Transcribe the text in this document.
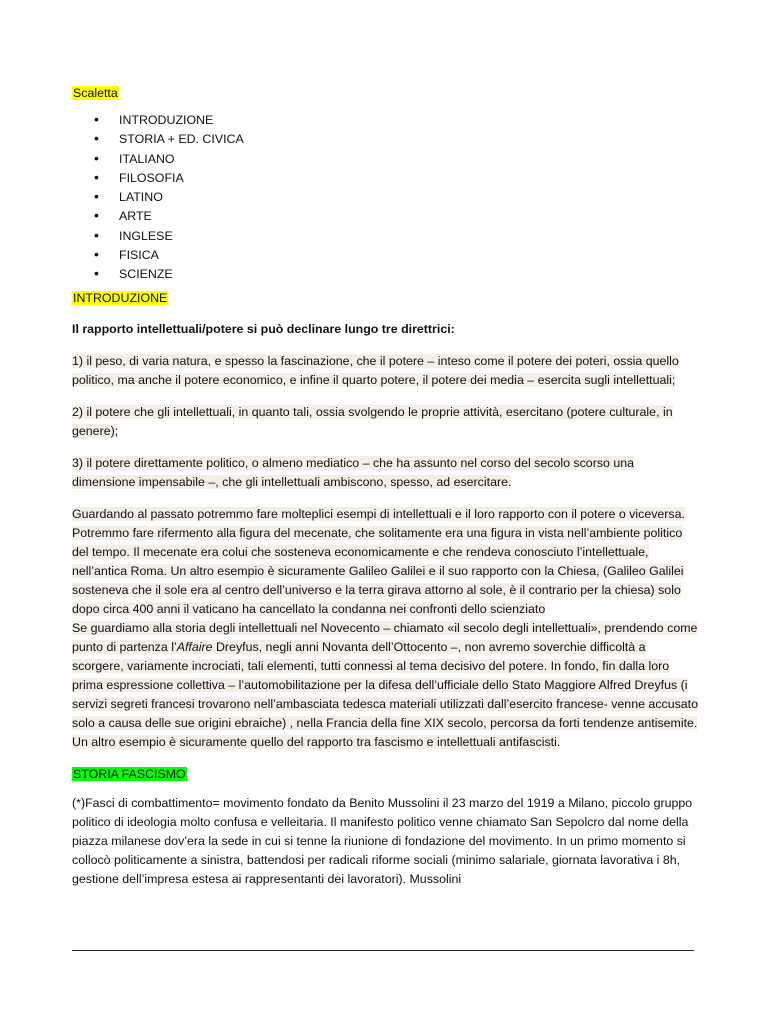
Scaletta
• INTRODUZIONE
• STORIA + ED. CIVICA
• ITALIANO
• FILOSOFIA
• LATINO
• ARTE
• INGLESE
• FISICA
• SCIENZE
INTRODUZIONE

Il rapporto intellettuali/potere si può declinare lungo tre direttrici:

1) il peso, di varia natura, e spesso la fascinazione, che il potere – inteso come il potere dei poteri, ossia quello politico, ma anche il potere economico, e infine il quarto potere, il potere dei media – esercita sugli intellettuali;

2) il potere che gli intellettuali, in quanto tali, ossia svolgendo le proprie attività, esercitano (potere culturale, in genere);

3) il potere direttamente politico, o almeno mediatico – che ha assunto nel corso del secolo scorso una dimensione impensabile –, che gli intellettuali ambiscono, spesso, ad esercitare.

Guardando al passato potremmo fare molteplici esempi di intellettuali e il loro rapporto con il potere o viceversa. Potremmo fare rifermento alla figura del mecenate, che solitamente era una figura in vista nell’ambiente politico del tempo. Il mecenate era colui che sosteneva economicamente e che rendeva conosciuto l’intellettuale, nell’antica Roma. Un altro esempio è sicuramente Galileo Galilei e il suo rapporto con la Chiesa, (Galileo Galilei sosteneva che il sole era al centro dell’universo e la terra girava attorno al sole, è il contrario per la chiesa) solo dopo circa 400 anni il vaticano ha cancellato la condanna nei confronti dello scienziato

Se guardiamo alla storia degli intellettuali nel Novecento – chiamato «il secolo degli intellettuali», prendendo come punto di partenza l’Affaire Dreyfus, negli anni Novanta dell’Ottocento –, non avremo soverchie difficoltà a scorgere, variamente incrociati, tali elementi, tutti connessi al tema decisivo del potere. In fondo, fin dalla loro prima espressione collettiva – l’automobilitazione per la difesa dell’ufficiale dello Stato Maggiore Alfred Dreyfus (i servizi segreti francesi trovarono nell’ambasciata tedesca materiali utilizzati dall’esercito francese- venne accusato solo a causa delle sue origini ebraiche) , nella Francia della fine XIX secolo, percorsa da forti tendenze antisemite. Un altro esempio è sicuramente quello del rapporto tra fascismo e intellettuali antifascisti.

STORIA FASCISMO

(*)Fasci di combattimento= movimento fondato da Benito Mussolini il 23 marzo del 1919 a Milano, piccolo gruppo politico di ideologia molto confusa e velleitaria. Il manifesto politico venne chiamato San Sepolcro dal nome della piazza milanese dov’era la sede in cui si tenne la riunione di fondazione del movimento. In un primo momento si collocò politicamente a sinistra, battendosi per radicali riforme sociali (minimo salariale, giornata lavorativa i 8h, gestione dell’impresa estesa ai rappresentanti dei lavoratori). Mussolini
